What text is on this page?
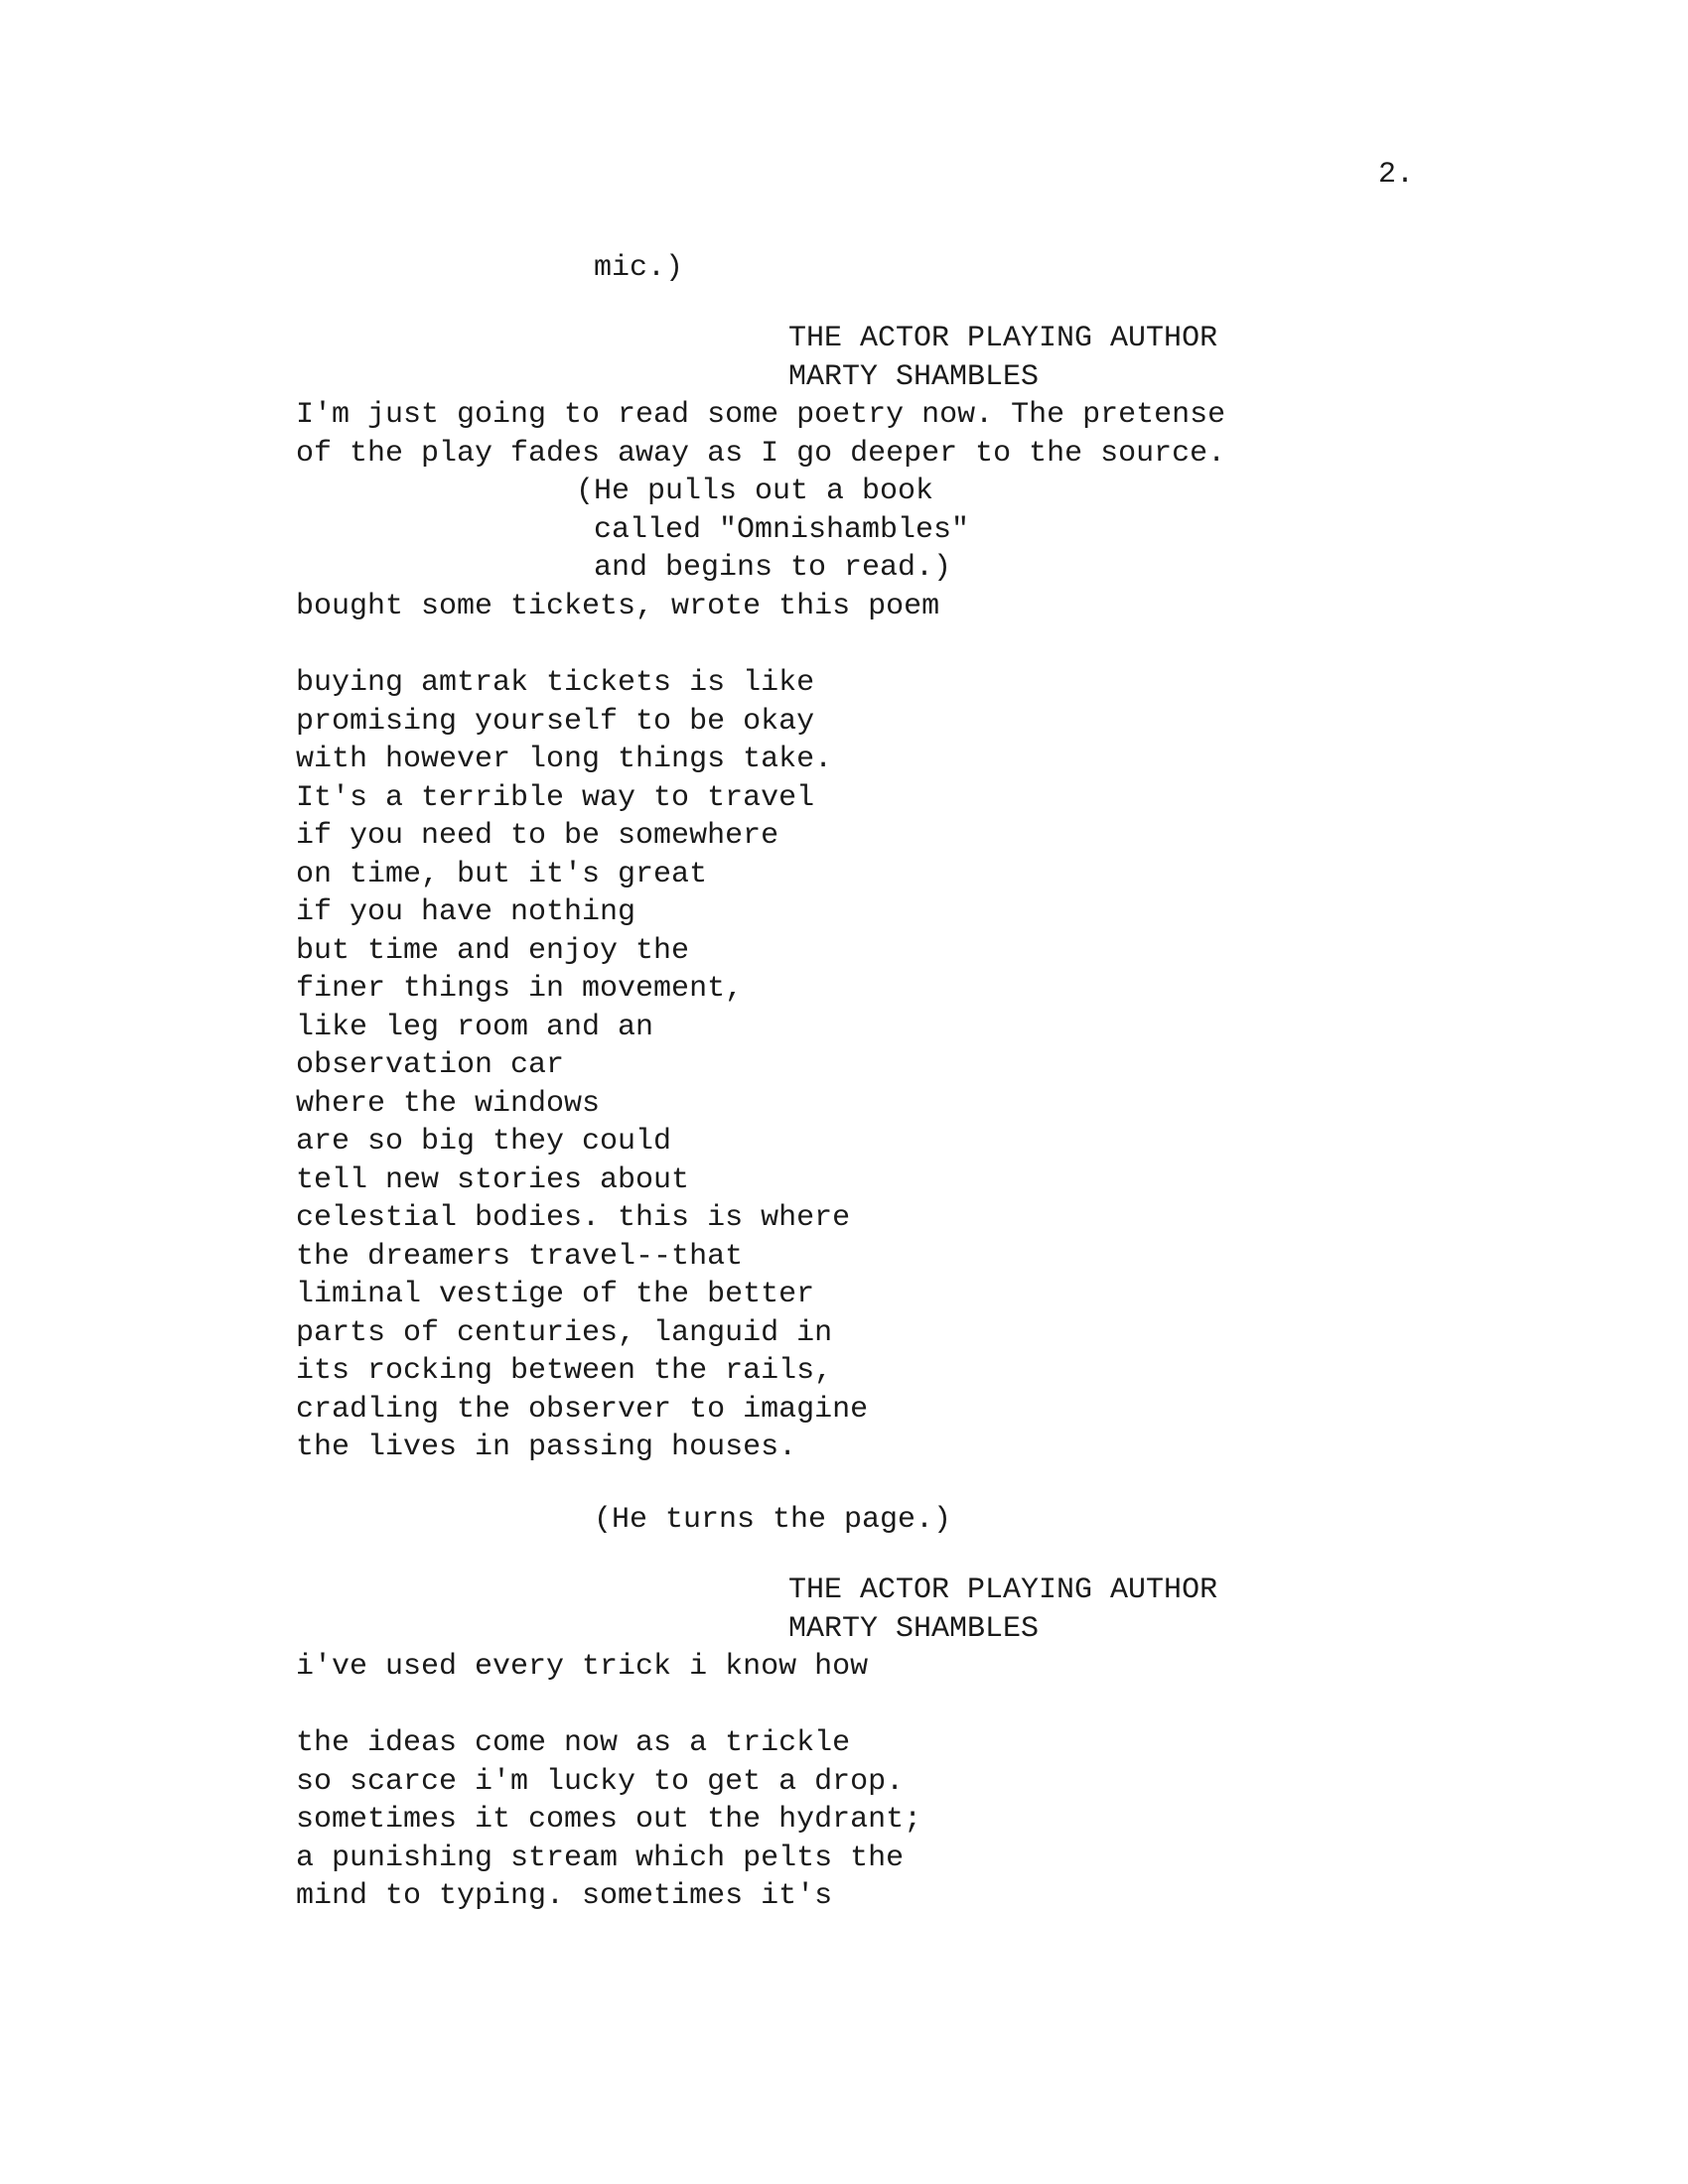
2.
mic.)
THE ACTOR PLAYING AUTHOR
MARTY SHAMBLES
I'm just going to read some poetry now. The pretense
of the play fades away as I go deeper to the source.
(He pulls out a book
called "Omnishambles"
and begins to read.)
bought some tickets, wrote this poem
buying amtrak tickets is like
promising yourself to be okay
with however long things take.
It's a terrible way to travel
if you need to be somewhere
on time, but it's great
if you have nothing
but time and enjoy the
finer things in movement,
like leg room and an
observation car
where the windows
are so big they could
tell new stories about
celestial bodies. this is where
the dreamers travel--that
liminal vestige of the better
parts of centuries, languid in
its rocking between the rails,
cradling the observer to imagine
the lives in passing houses.
(He turns the page.)
THE ACTOR PLAYING AUTHOR
MARTY SHAMBLES
i've used every trick i know how
the ideas come now as a trickle
so scarce i'm lucky to get a drop.
sometimes it comes out the hydrant;
a punishing stream which pelts the
mind to typing. sometimes it's
